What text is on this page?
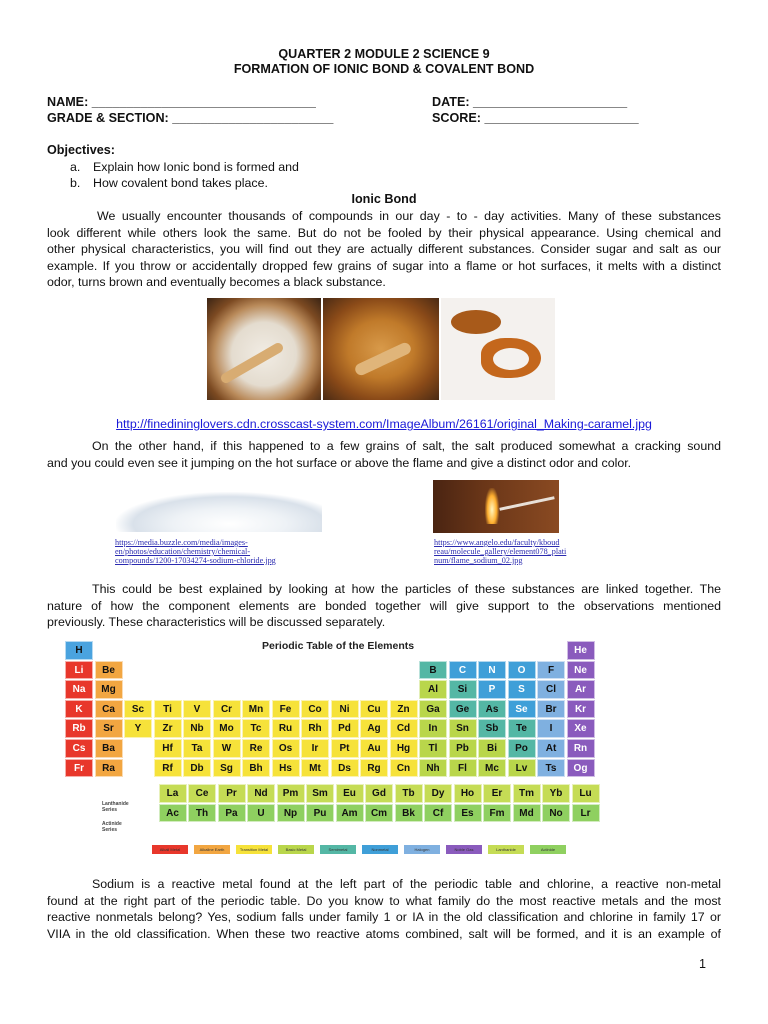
QUARTER 2 MODULE 2 SCIENCE 9
FORMATION OF IONIC BOND & COVALENT BOND
NAME: ________________________________	DATE: ______________________
GRADE & SECTION: _______________________	SCORE: ______________________
Objectives:
a. Explain how Ionic bond is formed and
b. How covalent bond takes place.
Ionic Bond
We usually encounter thousands of compounds in our day - to - day activities. Many of these substances
look different while others look the same. But do not be fooled by their physical appearance. Using chemical and
other physical characteristics, you will find out they are actually different substances. Consider sugar and salt as our
example. If you throw or accidentally dropped few grains of sugar into a flame or hot surfaces, it melts with a distinct
odor, turns brown and eventually becomes a black substance.
http://finediningl​overs.cdn.crosscast-system.com/ImageAlbum/26161/original_Making-caramel.jpg
On the other hand, if this happened to a few grains of salt, the salt produced somewhat a cracking sound
and you could even see it jumping on the hot surface or above the flame and give a distinct odor and color.
https://media.buzzle.com/media/images-
en/photos/education/chemistry/chemical-
compounds/1200-17034274-sodium-chloride.jpg
https://www.angelo.edu/faculty/kboud
reau/molecule_gallery/element078_plati
num/flame_sodium_02.jpg
This could be best explained by looking at how the particles of these substances are linked together. The
nature of how the component elements are bonded together will give support to the observations mentioned
previously. These characteristics will be discussed separately.
Periodic Table of the Elements
H	He
Li	Be	B	C	N	O	F	Ne
Na	Mg	Al	Si	P	S	Cl	Ar
K	Ca	Sc	Ti	V	Cr	Mn	Fe	Co	Ni	Cu	Zn	Ga	Ge	As	Se	Br	Kr
Rb	Sr	Y	Zr	Nb	Mo	Tc	Ru	Rh	Pd	Ag	Cd	In	Sn	Sb	Te	I	Xe
Cs	Ba	Hf	Ta	W	Re	Os	Ir	Pt	Au	Hg	Tl	Pb	Bi	Po	At	Rn
Fr	Ra	Rf	Db	Sg	Bh	Hs	Mt	Ds	Rg	Cn	Nh	Fl	Mc	Lv	Ts	Og
La	Ce	Pr	Nd	Pm	Sm	Eu	Gd	Tb	Dy	Ho	Er	Tm	Yb	Lu
Ac	Th	Pa	U	Np	Pu	Am	Cm	Bk	Cf	Es	Fm	Md	No	Lr
Lanthanide Series
Actinide Series
Alkali Metal	Alkaline Earth	Transition Metal	Basic Metal	Semimetal	Nonmetal	Halogen	Noble Gas	Lanthanide	Actinide
Sodium is a reactive metal found at the left part of the periodic table and chlorine, a reactive non-metal
found at the right part of the periodic table. Do you know to what family do the most reactive metals and the most
reactive nonmetals belong? Yes, sodium falls under family 1 or IA in the old classification and chlorine in family 17 or
VIIA in the old classification. When these two reactive atoms combined, salt will be formed, and it is an example of
1
